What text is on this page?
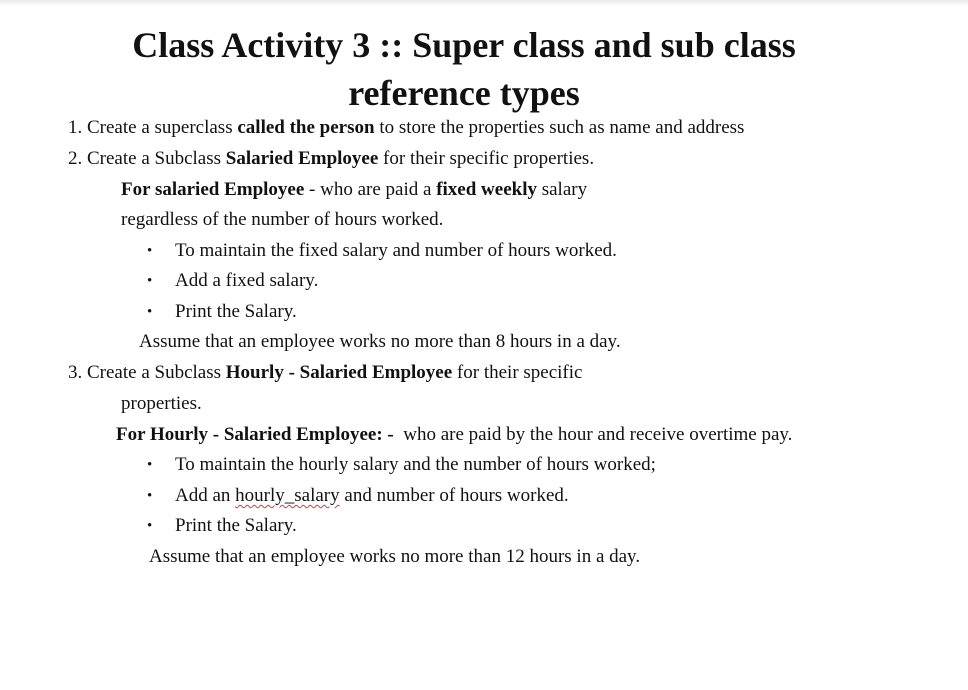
Class Activity 3 :: Super class and sub class
reference types
1. Create a superclass called the person to store the properties such as name and address
2. Create a Subclass Salaried Employee for their specific properties.
For salaried Employee - who are paid a fixed weekly salary
regardless of the number of hours worked.
• To maintain the fixed salary and number of hours worked.
• Add a fixed salary.
• Print the Salary.
Assume that an employee works no more than 8 hours in a day.
3. Create a Subclass Hourly - Salaried Employee for their specific
properties.
For Hourly - Salaried Employee: -  who are paid by the hour and receive overtime pay.
• To maintain the hourly salary and the number of hours worked;
• Add an hourly_salary and number of hours worked.
• Print the Salary.
Assume that an employee works no more than 12 hours in a day.
